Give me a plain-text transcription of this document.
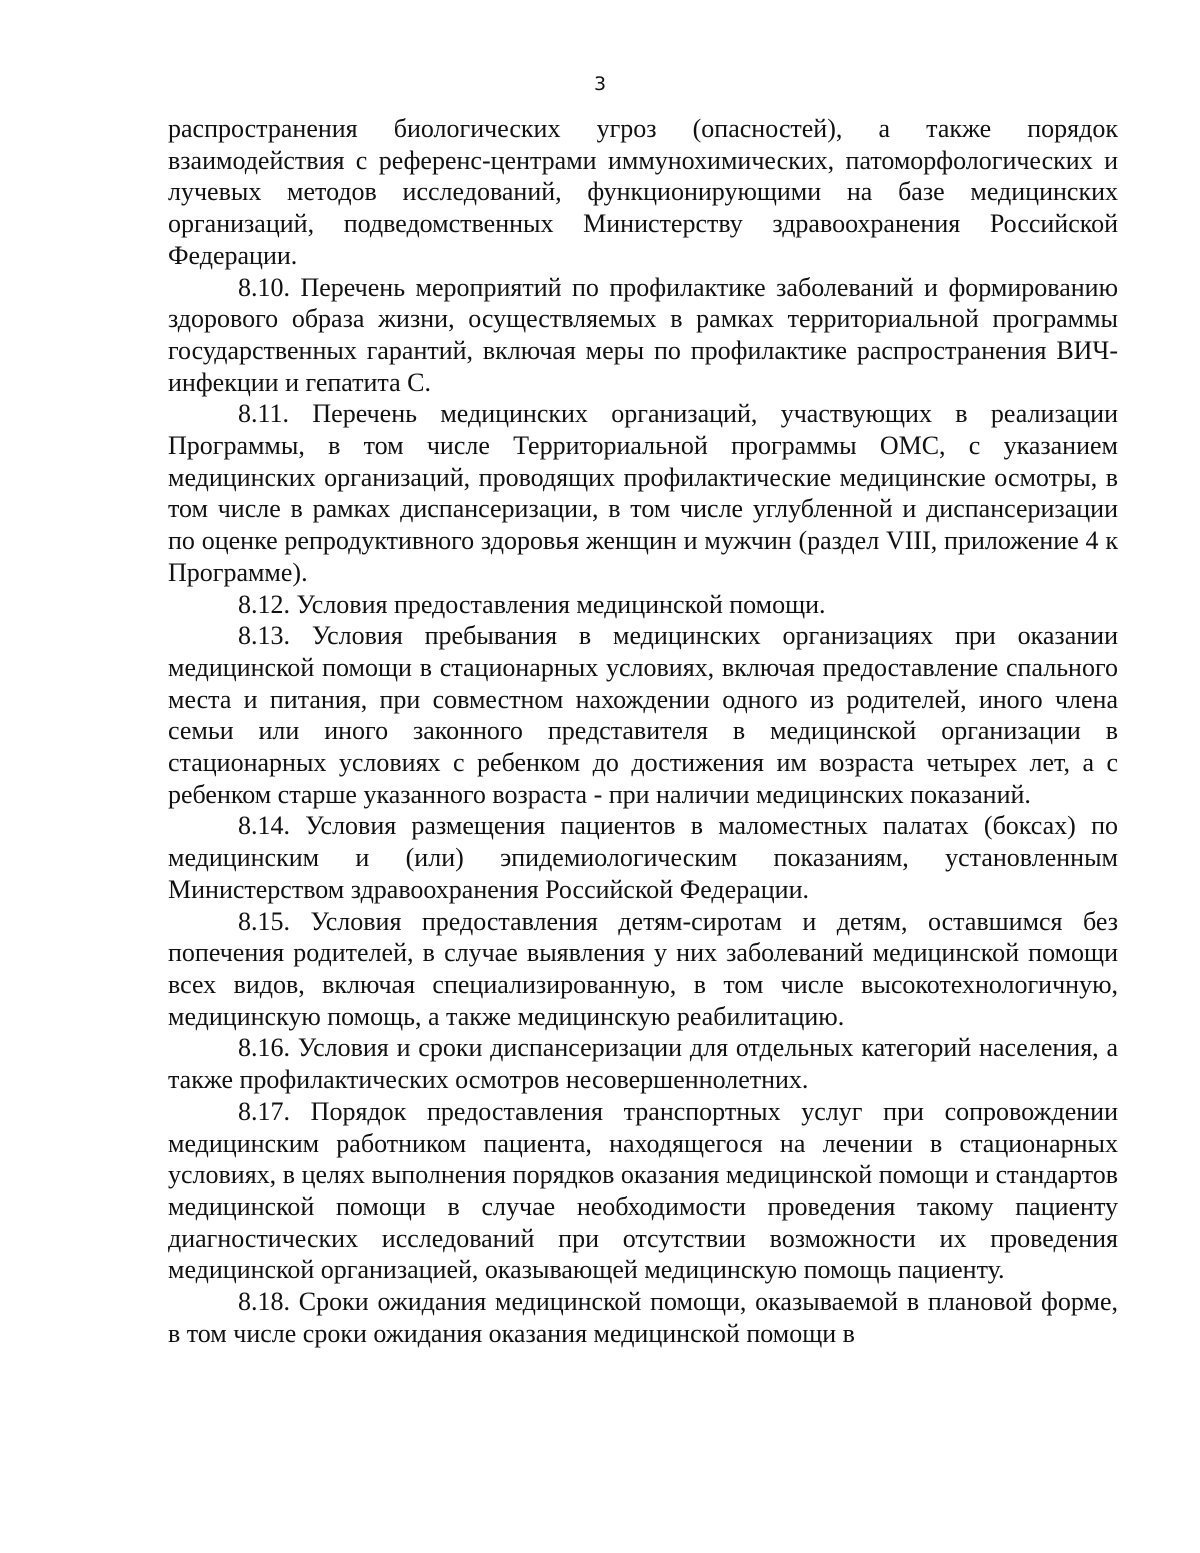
3

распространения биологических угроз (опасностей), а также порядок взаимодействия с референс-центрами иммунохимических, патоморфологических и лучевых методов исследований, функционирующими на базе медицинских организаций, подведомственных Министерству здравоохранения Российской Федерации.

8.10. Перечень мероприятий по профилактике заболеваний и формированию здорового образа жизни, осуществляемых в рамках территориальной программы государственных гарантий, включая меры по профилактике распространения ВИЧ- инфекции и гепатита С.

8.11. Перечень медицинских организаций, участвующих в реализации Программы, в том числе Территориальной программы ОМС, с указанием медицинских организаций, проводящих профилактические медицинские осмотры, в том числе в рамках диспансеризации, в том числе углубленной и диспансеризации по оценке репродуктивного здоровья женщин и мужчин (раздел VIII, приложение 4 к Программе).

8.12. Условия предоставления медицинской помощи.

8.13. Условия пребывания в медицинских организациях при оказании медицинской помощи в стационарных условиях, включая предоставление спального места и питания, при совместном нахождении одного из родителей, иного члена семьи или иного законного представителя в медицинской организации в стационарных условиях с ребенком до достижения им возраста четырех лет, а с ребенком старше указанного возраста - при наличии медицинских показаний.

8.14. Условия размещения пациентов в маломестных палатах (боксах) по медицинским и (или) эпидемиологическим показаниям, установленным Министерством здравоохранения Российской Федерации.

8.15. Условия предоставления детям-сиротам и детям, оставшимся без попечения родителей, в случае выявления у них заболеваний медицинской помощи всех видов, включая специализированную, в том числе высокотехнологичную, медицинскую помощь, а также медицинскую реабилитацию.

8.16. Условия и сроки диспансеризации для отдельных категорий населения, а также профилактических осмотров несовершеннолетних.

8.17. Порядок предоставления транспортных услуг при сопровождении медицинским работником пациента, находящегося на лечении в стационарных условиях, в целях выполнения порядков оказания медицинской помощи и стандартов медицинской помощи в случае необходимости проведения такому пациенту диагностических исследований при отсутствии возможности их проведения медицинской организацией, оказывающей медицинскую помощь пациенту.

8.18. Сроки ожидания медицинской помощи, оказываемой в плановой форме, в том числе сроки ожидания оказания медицинской помощи в
